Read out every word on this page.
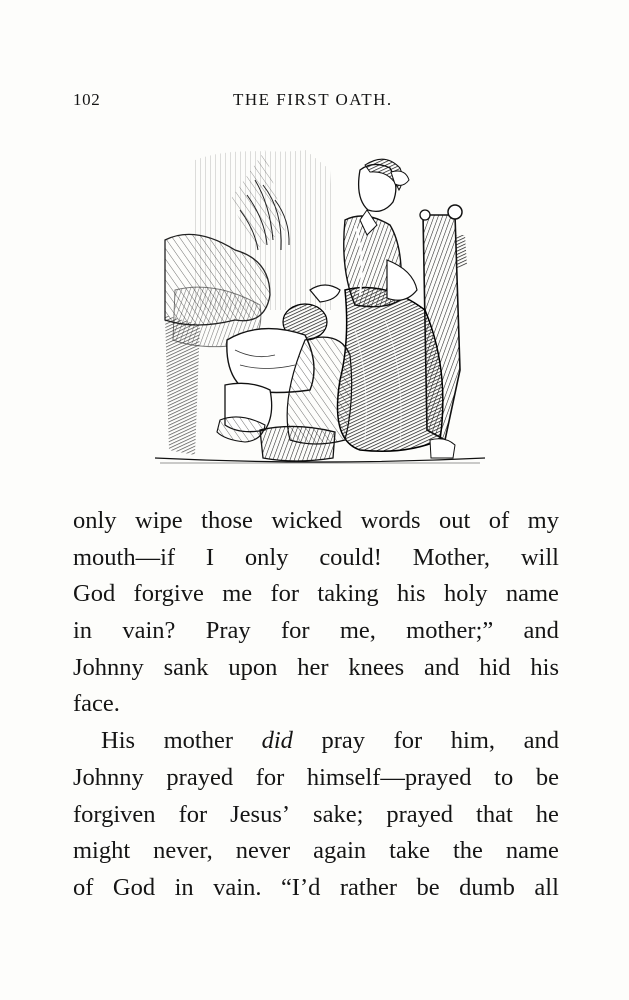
102	THE FIRST OATH.
only wipe those wicked words out of my
mouth—if I only could! Mother, will
God forgive me for taking his holy name
in vain? Pray for me, mother;” and
Johnny sank upon her knees and hid his
face.
His mother did pray for him, and
Johnny prayed for himself—prayed to be
forgiven for Jesus’ sake; prayed that he
might never, never again take the name
of God in vain. “I’d rather be dumb all
